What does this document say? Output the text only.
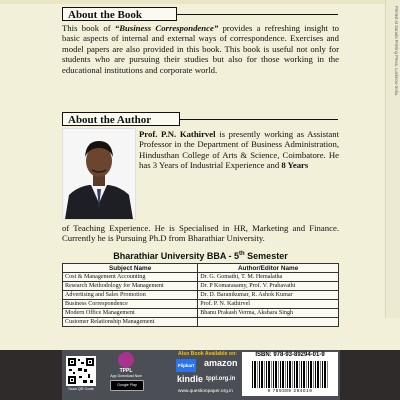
Printed at Sarada Printing Press, Lucknow India.
About the Book

This book of “Business Correspondence” provides a refreshing insight to basic aspects of internal and external ways of correspondence. Exercises and model papers are also provided in this book. This book is useful not only for students who are pursuing their studies but also for those working in the educational institutions and corporate world.

About the Author

Prof. P.N. Kathirvel is presently working as Assistant Professor in the Department of Business Administration, Hindusthan College of Arts & Science, Coimbatore. He has 3 Years of Industrial Experience and 8 Years

of Teaching Experience. He is Specialised in HR, Marketing and Finance. Currently he is Pursuing Ph.D from Bharathiar University.

Bharathiar University BBA - 5th Semester
Subject Name	Author/Editor Name
Cost & Management Accounting	Dr. G. Gomathi, T. M. Hemalatha
Research Methodology for Management	Dr. P Komarasamy, Prof. V. Prabavathi
Advertising and Sales Promotion	Dr. D. Baranikumar, R. Ashok Kumar
Business Correspondence	Prof. P. N. Kathirvel
Modern Office Management	Bhanu Prakash Verma, Akshara Singh
Customer Relationship Management	
Scan QR Code
TPPL
App Download Now
Google Play
Also Book Available on:
Flipkart amazon
kindle tppl.org.in
www.questionpaper.org.in
ISBN: 978-93-89294-01-9
9 789389 294019
